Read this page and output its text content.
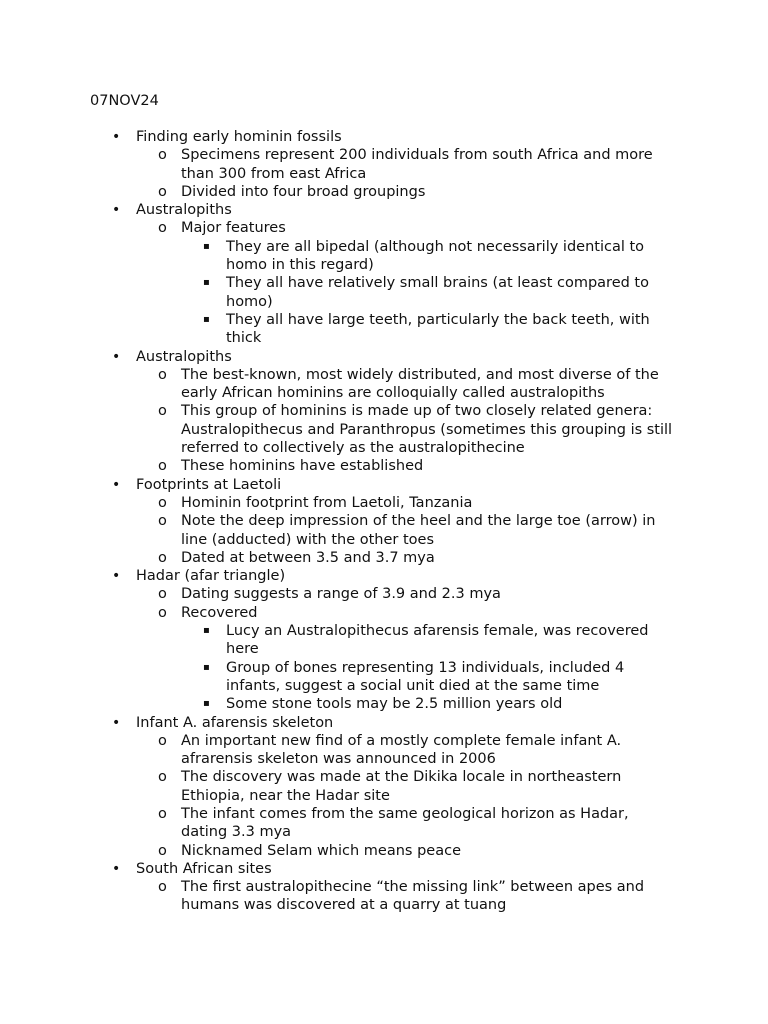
07NOV24
• Finding early hominin fossils
o Specimens represent 200 individuals from south Africa and more than 300 from east Africa
o Divided into four broad groupings
• Australopiths
o Major features
▪ They are all bipedal (although not necessarily identical to homo in this regard)
▪ They all have relatively small brains (at least compared to homo)
▪ They all have large teeth, particularly the back teeth, with thick
• Australopiths
o The best-known, most widely distributed, and most diverse of the early African hominins are colloquially called australopiths
o This group of hominins is made up of two closely related genera: Australopithecus and Paranthropus (sometimes this grouping is still referred to collectively as the australopithecine
o These hominins have established
• Footprints at Laetoli
o Hominin footprint from Laetoli, Tanzania
o Note the deep impression of the heel and the large toe (arrow) in line (adducted) with the other toes
o Dated at between 3.5 and 3.7 mya
• Hadar (afar triangle)
o Dating suggests a range of 3.9 and 2.3 mya
o Recovered
▪ Lucy an Australopithecus afarensis female, was recovered here
▪ Group of bones representing 13 individuals, included 4 infants, suggest a social unit died at the same time
▪ Some stone tools may be 2.5 million years old
• Infant A. afarensis skeleton
o An important new find of a mostly complete female infant A. afrarensis skeleton was announced in 2006
o The discovery was made at the Dikika locale in northeastern Ethiopia, near the Hadar site
o The infant comes from the same geological horizon as Hadar, dating 3.3 mya
o Nicknamed Selam which means peace
• South African sites
o The first australopithecine “the missing link” between apes and humans was discovered at a quarry at tuang
